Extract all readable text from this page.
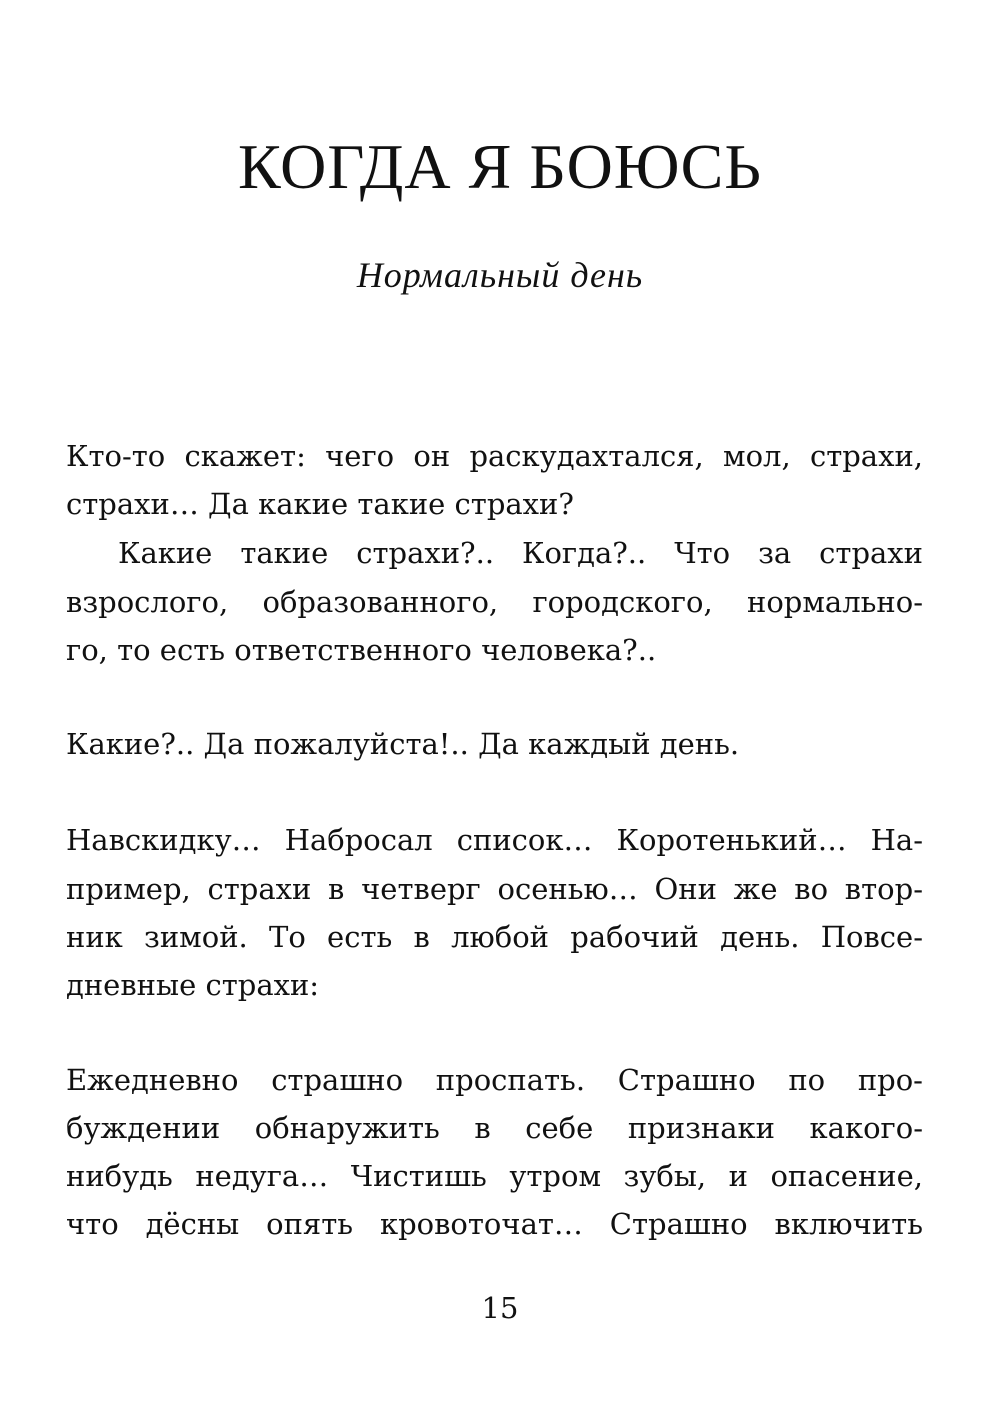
КОГДА Я БОЮСЬ
Нормальный день
Кто-то скажет: чего он раскудахтался, мол, страхи,
страхи… Да какие такие страхи?
Какие такие страхи?.. Когда?.. Что за страхи
взрослого, образованного, городского, нормально-
го, то есть ответственного человека?..
Какие?.. Да пожалуйста!.. Да каждый день.
Навскидку… Набросал список… Коротенький… На-
пример, страхи в четверг осенью… Они же во втор-
ник зимой. То есть в любой рабочий день. Повсе-
дневные страхи:
Ежедневно страшно проспать. Страшно по про-
буждении обнаружить в себе признаки какого-
нибудь недуга… Чистишь утром зубы, и опасение,
что дёсны опять кровоточат… Страшно включить
15
